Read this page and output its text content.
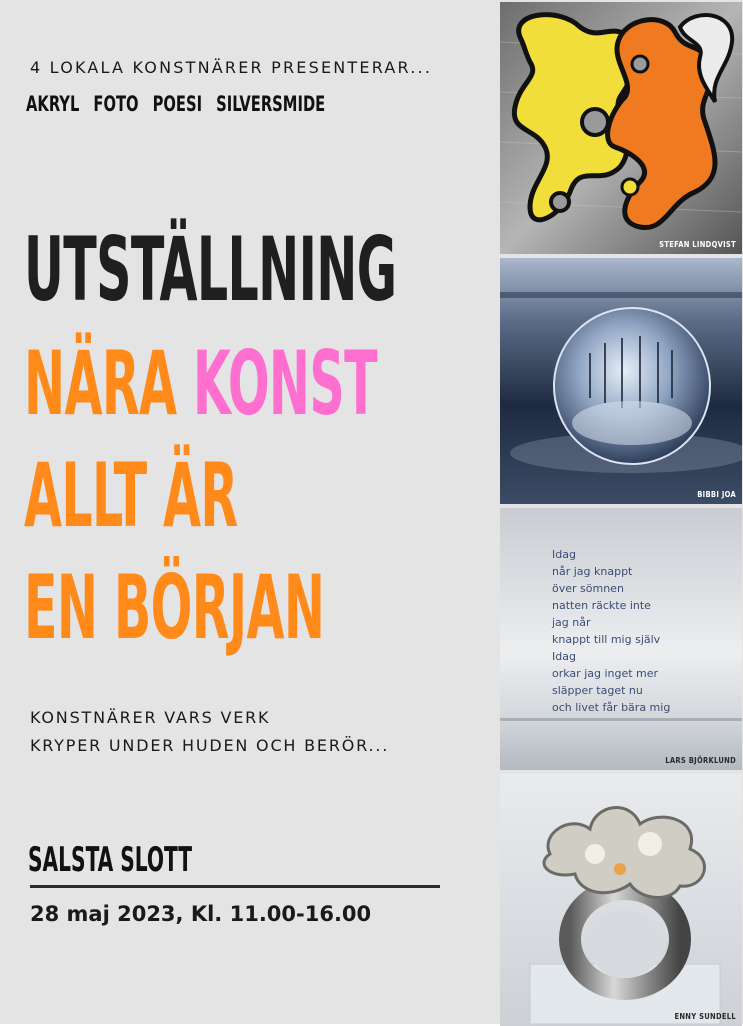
4 LOKALA KONSTNÄRER PRESENTERAR...
AKRYL FOTO POESI SILVERSMIDE
UTSTÄLLNING
NÄRA KONST
ALLT ÄR
EN BÖRJAN
KONSTNÄRER VARS VERK
KRYPER UNDER HUDEN OCH BERÖR...
SALSTA SLOTT
28 maj 2023, Kl. 11.00-16.00
STEFAN LINDQVIST
BIBBI JOA
Idag
når jag knappt
över sömnen
natten räckte inte
jag når
knappt till mig själv
Idag
orkar jag inget mer
släpper taget nu
och livet får bära mig
LARS BJÖRKLUND
ENNY SUNDELL
